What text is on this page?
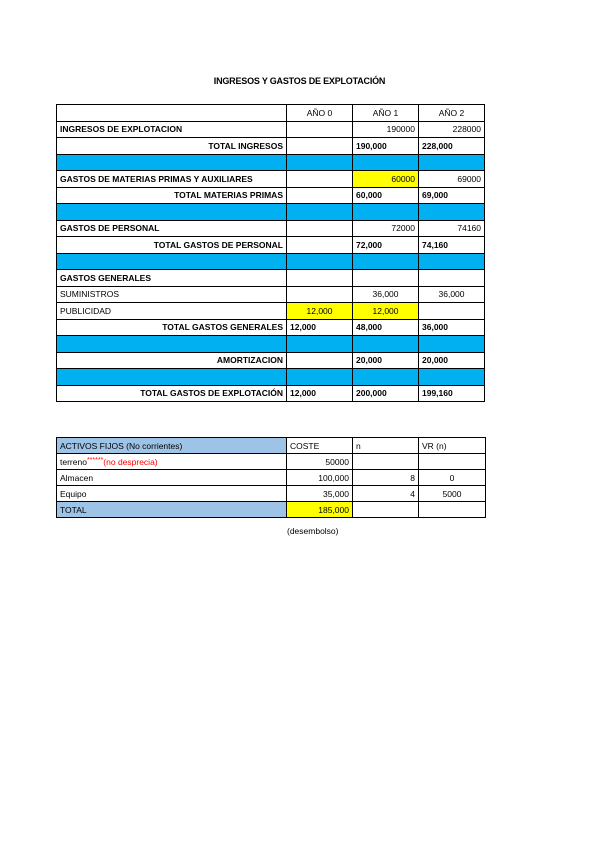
INGRESOS Y GASTOS DE EXPLOTACIÓN
	AÑO 0	AÑO 1	AÑO 2
INGRESOS DE EXPLOTACION		190000	228000
TOTAL INGRESOS		190,000	228,000

GASTOS DE MATERIAS PRIMAS Y AUXILIARES		60000	69000
TOTAL MATERIAS PRIMAS		60,000	69,000

GASTOS DE PERSONAL		72000	74160
TOTAL GASTOS DE PERSONAL		72,000	74,160

GASTOS GENERALES			
SUMINISTROS		36,000	36,000
PUBLICIDAD	12,000	12,000	
TOTAL GASTOS GENERALES	12,000	48,000	36,000

AMORTIZACION		20,000	20,000

TOTAL GASTOS DE EXPLOTACIÓN	12,000	200,000	199,160
ACTIVOS FIJOS (No corrientes)	COSTE	n	VR (n)
terreno******(no desprecia)	50000		
Almacen	100,000	8	0
Equipo	35,000	4	5000
TOTAL	185,000		
(desembolso)
